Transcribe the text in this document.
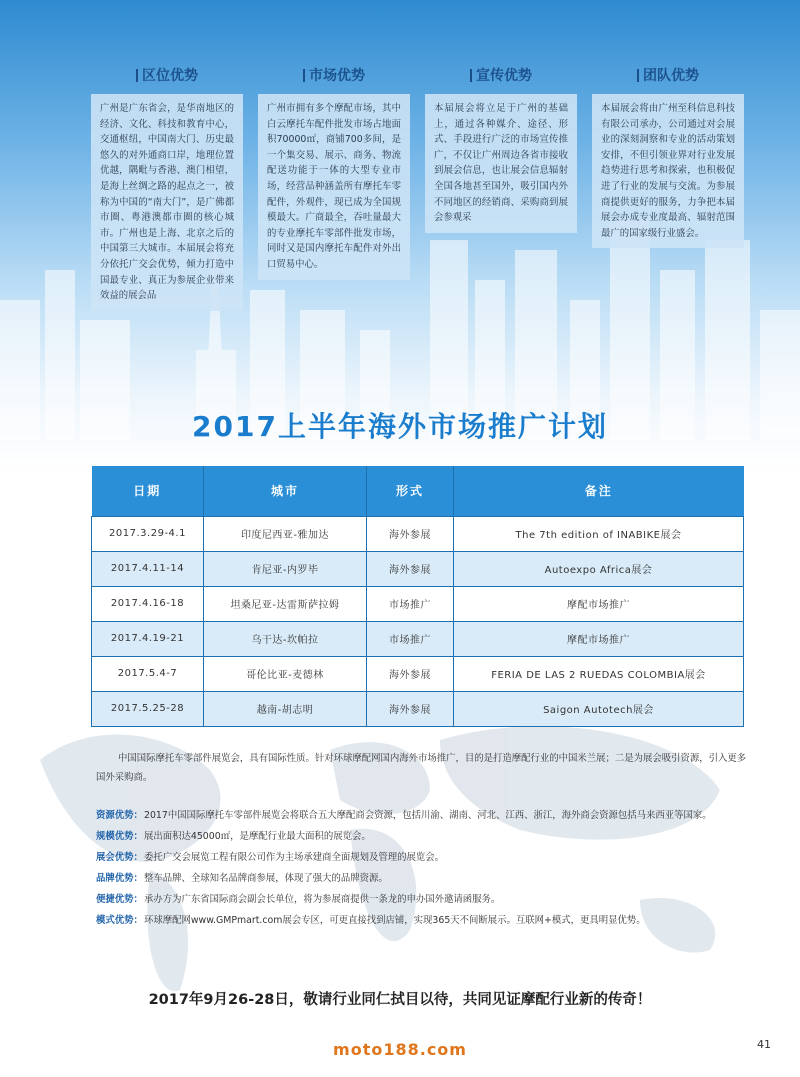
区位优势
广州是广东省会，是华南地区的经济、文化、科技和教育中心，交通枢纽，中国南大门、历史最悠久的对外通商口岸，地理位置优越，隅毗与香港、澳门相望，是海上丝绸之路的起点之一，被称为中国的“南大门”，是广佛都市圈、粤港澳都市圈的核心城市。广州也是上海、北京之后的中国第三大城市。本届展会将充分依托广交会优势，倾力打造中国最专业、真正为参展企业带来效益的展会品
市场优势
广州市拥有多个摩配市场，其中白云摩托车配件批发市场占地面积70000㎡，商铺700多间，是一个集交易、展示、商务、物流配送功能于一体的大型专业市场，经营品种涵盖所有摩托车零配件，外观件，现已成为全国规模最大。广商最全，吞吐量最大的专业摩托车零部件批发市场，同时又是国内摩托车配件对外出口贸易中心。
宣传优势
本届展会将立足于广州的基础上，通过各种媒介、途径、形式、手段进行广泛的市场宣传推广，不仅让广州周边各省市接收到展会信息，也让展会信息辐射全国各地甚至国外，吸引国内外不同地区的经销商、采购商到展会参观采
团队优势
本届展会将由广州至科信息科技有限公司承办，公司通过对会展业的深刻洞察和专业的活动策划安排，不但引领业界对行业发展趋势进行思考和探索，也积极促进了行业的发展与交流。为参展商提供更好的服务，力争把本届展会办成专业度最高、辐射范围最广的国家级行业盛会。
2017上半年海外市场推广计划
日期	城市	形式	备注
2017.3.29-4.1	印度尼西亚-雅加达	海外参展	The 7th edition of INABIKE展会
2017.4.11-14	肯尼亚-内罗毕	海外参展	Autoexpo Africa展会
2017.4.16-18	坦桑尼亚-达雷斯萨拉姆	市场推广	摩配市场推广
2017.4.19-21	乌干达-坎帕拉	市场推广	摩配市场推广
2017.5.4-7	哥伦比亚-麦德林	海外参展	FERIA DE LAS 2 RUEDAS COLOMBIA展会
2017.5.25-28	越南-胡志明	海外参展	Saigon Autotech展会

中国国际摩托车零部件展览会，具有国际性质。针对环球摩配网国内海外市场推广，目的是打造摩配行业的中国米兰展；二是为展会吸引资源，引入更多国外采购商。

资源优势： 2017中国国际摩托车零部件展览会将联合五大摩配商会资源，包括川渝、湖南、河北、江西、浙江，海外商会资源包括马来西亚等国家。
规模优势： 展出面积达45000㎡，是摩配行业最大面积的展览会。
展会优势： 委托广交会展览工程有限公司作为主场承建商全面规划及管理的展览会。
品牌优势： 整车品牌、全球知名品牌商参展，体现了强大的品牌资源。
便捷优势： 承办方为广东省国际商会副会长单位，将为参展商提供一条龙的申办国外邀请函服务。
模式优势： 环球摩配网www.GMPmart.com展会专区，可更直接找到店铺，实现365天不间断展示。互联网+模式，更具明显优势。
2017年9月26-28日，敬请行业同仁拭目以待，共同见证摩配行业新的传奇！
moto188.com	41
